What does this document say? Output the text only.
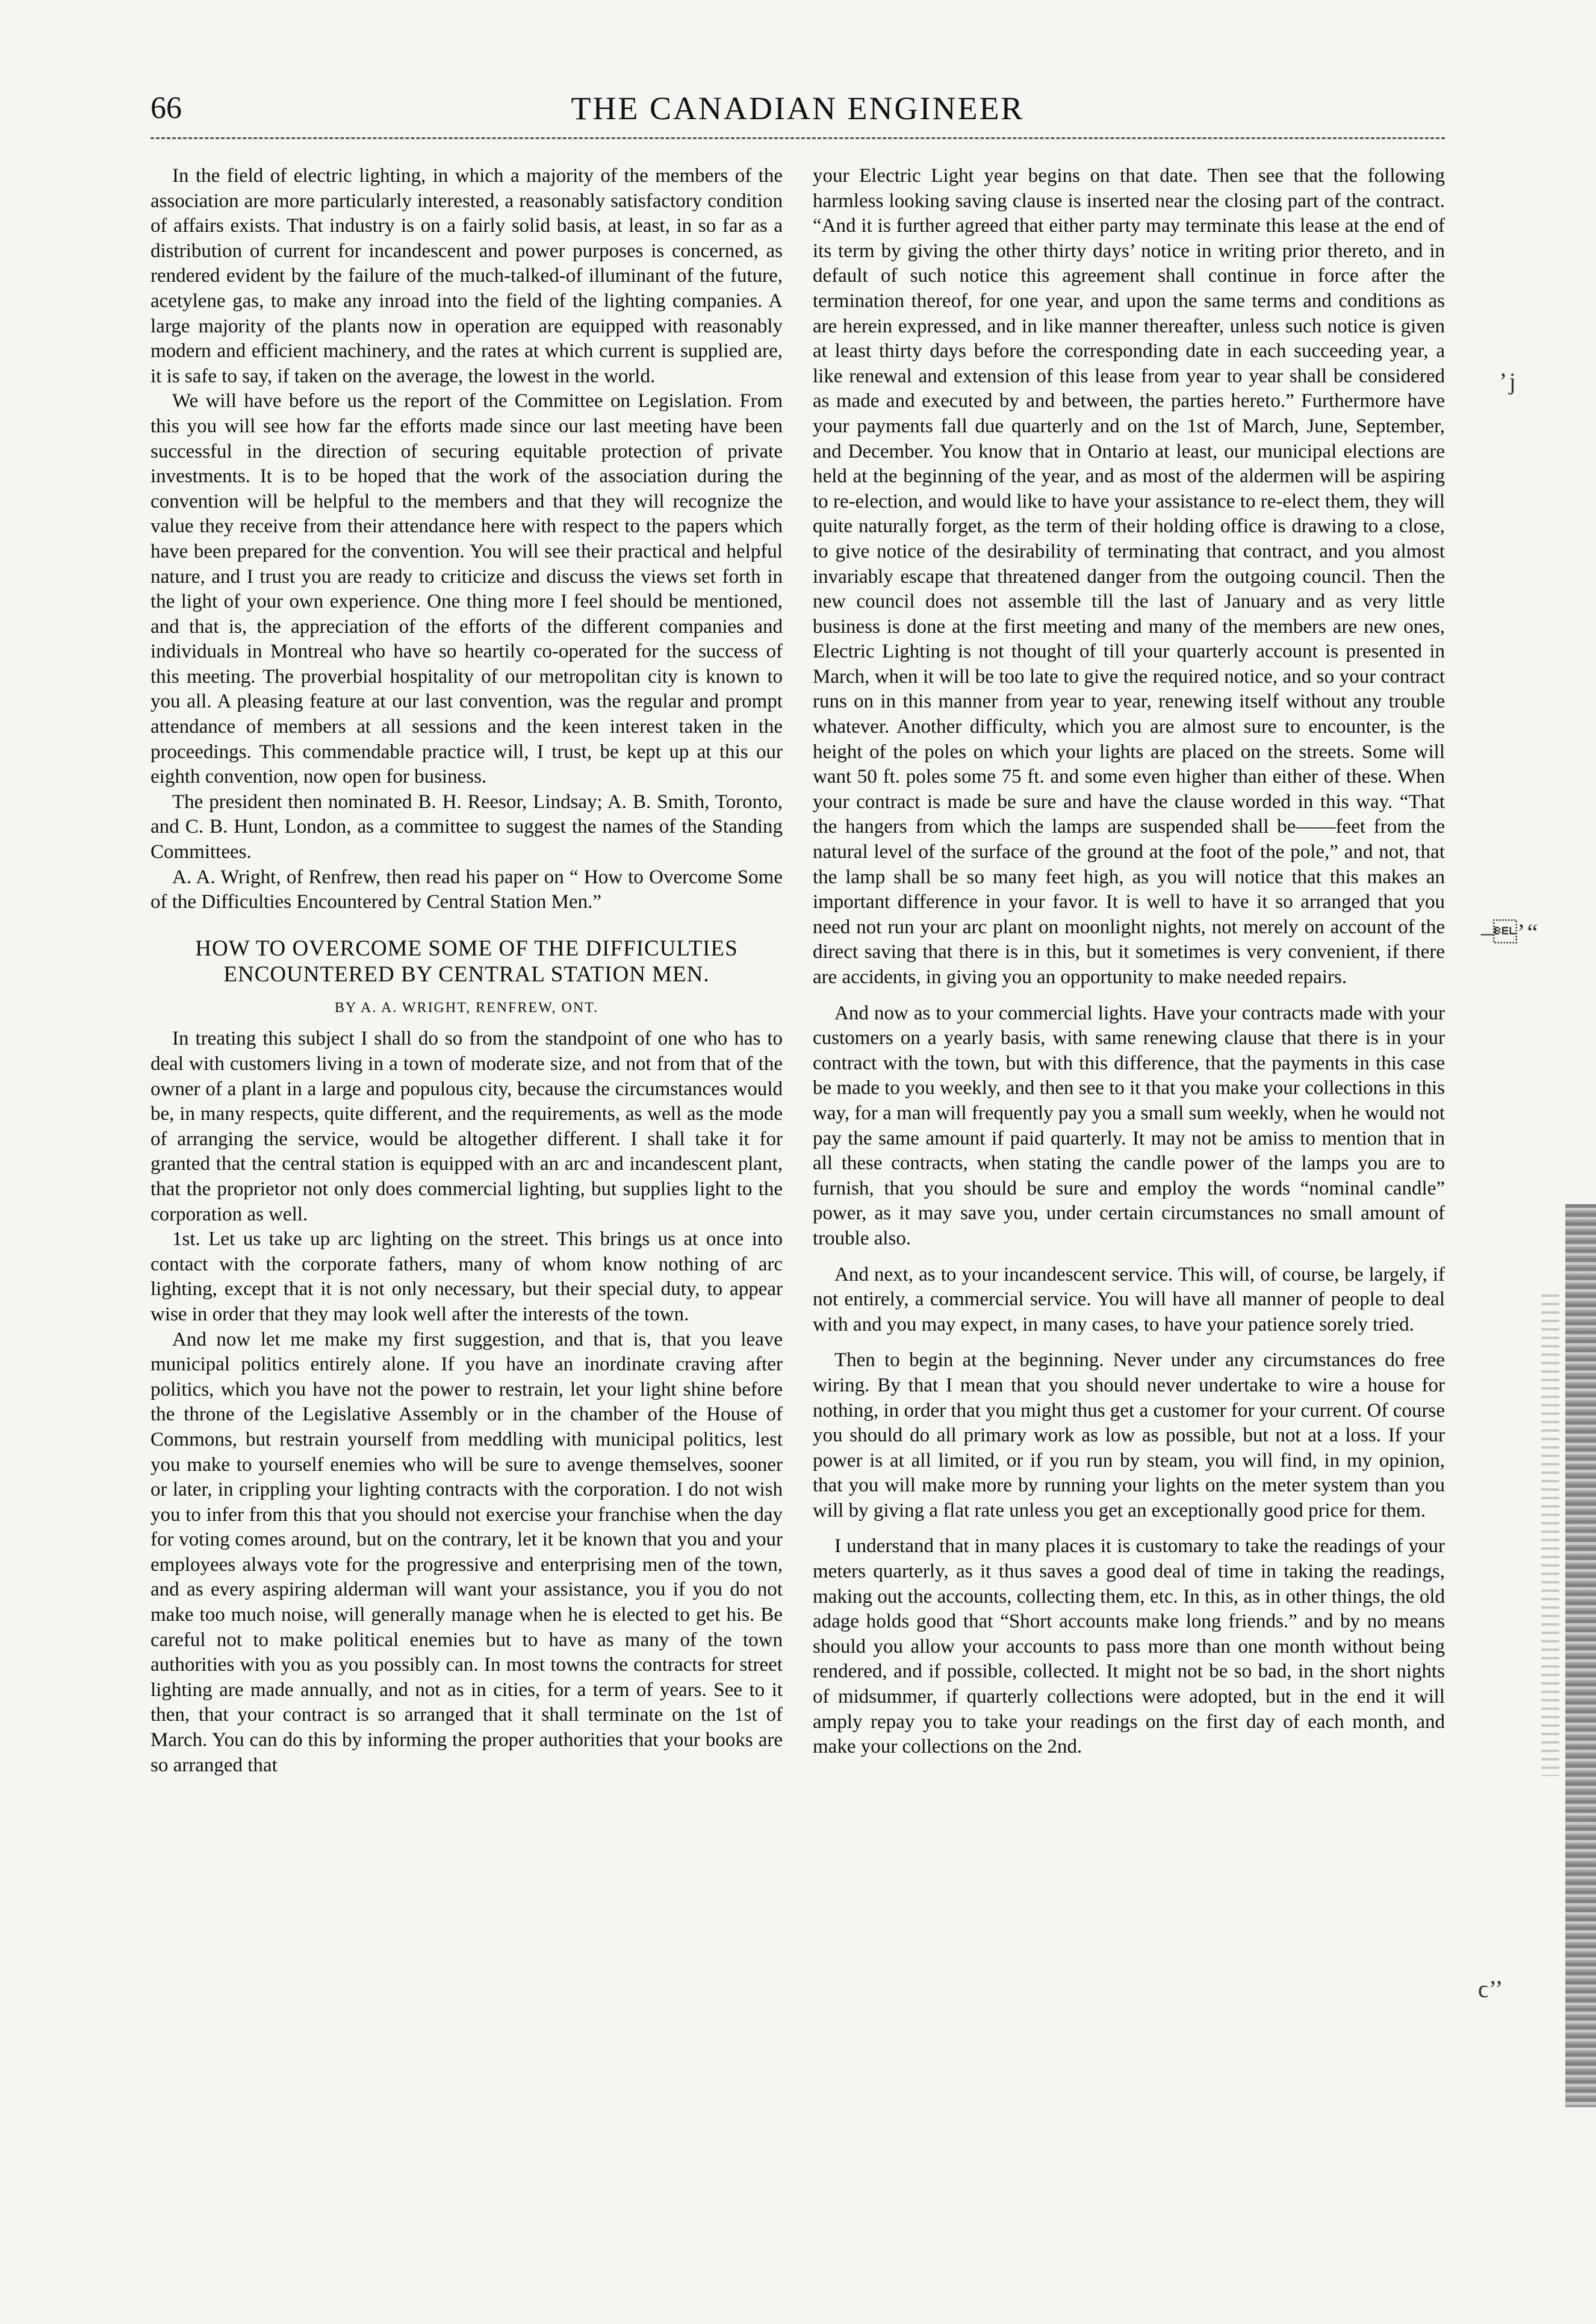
66	THE CANADIAN ENGINEER

In the field of electric lighting, in which a majority of the members of the association are more particularly interested, a reasonably satisfactory condition of affairs exists. That industry is on a fairly solid basis, at least, in so far as a distribution of current for incandescent and power purposes is concerned, as rendered evident by the failure of the much-talked-of illuminant of the future, acetylene gas, to make any inroad into the field of the lighting companies. A large majority of the plants now in operation are equipped with reasonably modern and efficient machinery, and the rates at which current is supplied are, it is safe to say, if taken on the average, the lowest in the world.

We will have before us the report of the Committee on Legislation. From this you will see how far the efforts made since our last meeting have been successful in the direction of securing equitable protection of private investments. It is to be hoped that the work of the association during the convention will be helpful to the members and that they will recognize the value they receive from their attendance here with respect to the papers which have been prepared for the convention. You will see their practical and helpful nature, and I trust you are ready to criticize and discuss the views set forth in the light of your own experience. One thing more I feel should be mentioned, and that is, the appreciation of the efforts of the different companies and individuals in Montreal who have so heartily co-operated for the success of this meeting. The proverbial hospitality of our metropolitan city is known to you all. A pleasing feature at our last convention, was the regular and prompt attendance of members at all sessions and the keen interest taken in the proceedings. This commendable practice will, I trust, be kept up at this our eighth convention, now open for business.

The president then nominated B. H. Reesor, Lindsay; A. B. Smith, Toronto, and C. B. Hunt, London, as a committee to suggest the names of the Standing Committees.

A. A. Wright, of Renfrew, then read his paper on “ How to Overcome Some of the Difficulties Encountered by Central Station Men.”

HOW TO OVERCOME SOME OF THE DIFFICULTIES ENCOUNTERED BY CENTRAL STATION MEN.
BY A. A. WRIGHT, RENFREW, ONT.

In treating this subject I shall do so from the standpoint of one who has to deal with customers living in a town of moderate size, and not from that of the owner of a plant in a large and populous city, because the circumstances would be, in many respects, quite different, and the requirements, as well as the mode of arranging the service, would be altogether different. I shall take it for granted that the central station is equipped with an arc and incandescent plant, that the proprietor not only does commercial lighting, but supplies light to the corporation as well.

1st. Let us take up arc lighting on the street. This brings us at once into contact with the corporate fathers, many of whom know nothing of arc lighting, except that it is not only necessary, but their special duty, to appear wise in order that they may look well after the interests of the town.

And now let me make my first suggestion, and that is, that you leave municipal politics entirely alone. If you have an inordinate craving after politics, which you have not the power to restrain, let your light shine before the throne of the Legislative Assembly or in the chamber of the House of Commons, but restrain yourself from meddling with municipal politics, lest you make to yourself enemies who will be sure to avenge themselves, sooner or later, in crippling your lighting contracts with the corporation. I do not wish you to infer from this that you should not exercise your franchise when the day for voting comes around, but on the contrary, let it be known that you and your employees always vote for the progressive and enterprising men of the town, and as every aspiring alderman will want your assistance, you if you do not make too much noise, will generally manage when he is elected to get his. Be careful not to make political enemies but to have as many of the town authorities with you as you possibly can. In most towns the contracts for street lighting are made annually, and not as in cities, for a term of years. See to it then, that your contract is so arranged that it shall terminate on the 1st of March. You can do this by informing the proper authorities that your books are so arranged that

your Electric Light year begins on that date. Then see that the following harmless looking saving clause is inserted near the closing part of the contract. “And it is further agreed that either party may terminate this lease at the end of its term by giving the other thirty days’ notice in writing prior thereto, and in default of such notice this agreement shall continue in force after the termination thereof, for one year, and upon the same terms and conditions as are herein expressed, and in like manner thereafter, unless such notice is given at least thirty days before the corresponding date in each succeeding year, a like renewal and extension of this lease from year to year shall be considered as made and executed by and between, the parties hereto.” Furthermore have your payments fall due quarterly and on the 1st of March, June, September, and December. You know that in Ontario at least, our municipal elections are held at the beginning of the year, and as most of the aldermen will be aspiring to re-election, and would like to have your assistance to re-elect them, they will quite naturally forget, as the term of their holding office is drawing to a close, to give notice of the desirability of terminating that contract, and you almost invariably escape that threatened danger from the outgoing council. Then the new council does not assemble till the last of January and as very little business is done at the first meeting and many of the members are new ones, Electric Lighting is not thought of till your quarterly account is presented in March, when it will be too late to give the required notice, and so your contract runs on in this manner from year to year, renewing itself without any trouble whatever. Another difficulty, which you are almost sure to encounter, is the height of the poles on which your lights are placed on the streets. Some will want 50 ft. poles some 75 ft. and some even higher than either of these. When your contract is made be sure and have the clause worded in this way. “That the hangers from which the lamps are suspended shall be——feet from the natural level of the surface of the ground at the foot of the pole,” and not, that the lamp shall be so many feet high, as you will notice that this makes an important difference in your favor. It is well to have it so arranged that you need not run your arc plant on moonlight nights, not merely on account of the direct saving that there is in this, but it sometimes is very convenient, if there are accidents, in giving you an opportunity to make needed repairs.

And now as to your commercial lights. Have your contracts made with your customers on a yearly basis, with same renewing clause that there is in your contract with the town, but with this difference, that the payments in this case be made to you weekly, and then see to it that you make your collections in this way, for a man will frequently pay you a small sum weekly, when he would not pay the same amount if paid quarterly. It may not be amiss to mention that in all these contracts, when stating the candle power of the lamps you are to furnish, that you should be sure and employ the words “nominal candle” power, as it may save you, under certain circumstances no small amount of trouble also.

And next, as to your incandescent service. This will, of course, be largely, if not entirely, a commercial service. You will have all manner of people to deal with and you may expect, in many cases, to have your patience sorely tried.

Then to begin at the beginning. Never under any circumstances do free wiring. By that I mean that you should never undertake to wire a house for nothing, in order that you might thus get a customer for your current. Of course you should do all primary work as low as possible, but not at a loss. If your power is at all limited, or if you run by steam, you will find, in my opinion, that you will make more by running your lights on the meter system than you will by giving a flat rate unless you get an exceptionally good price for them.

I understand that in many places it is customary to take the readings of your meters quarterly, as it thus saves a good deal of time in taking the readings, making out the accounts, collecting them, etc. In this, as in other things, the old adage holds good that “Short accounts make long friends.” and by no means should you allow your accounts to pass more than one month without being rendered, and if possible, collected. It might not be so bad, in the short nights of midsummer, if quarterly collections were adopted, but in the end it will amply repay you to take your readings on the first day of each month, and make your collections on the 2nd.

’ ϳ
–’ “
ϲ’’
